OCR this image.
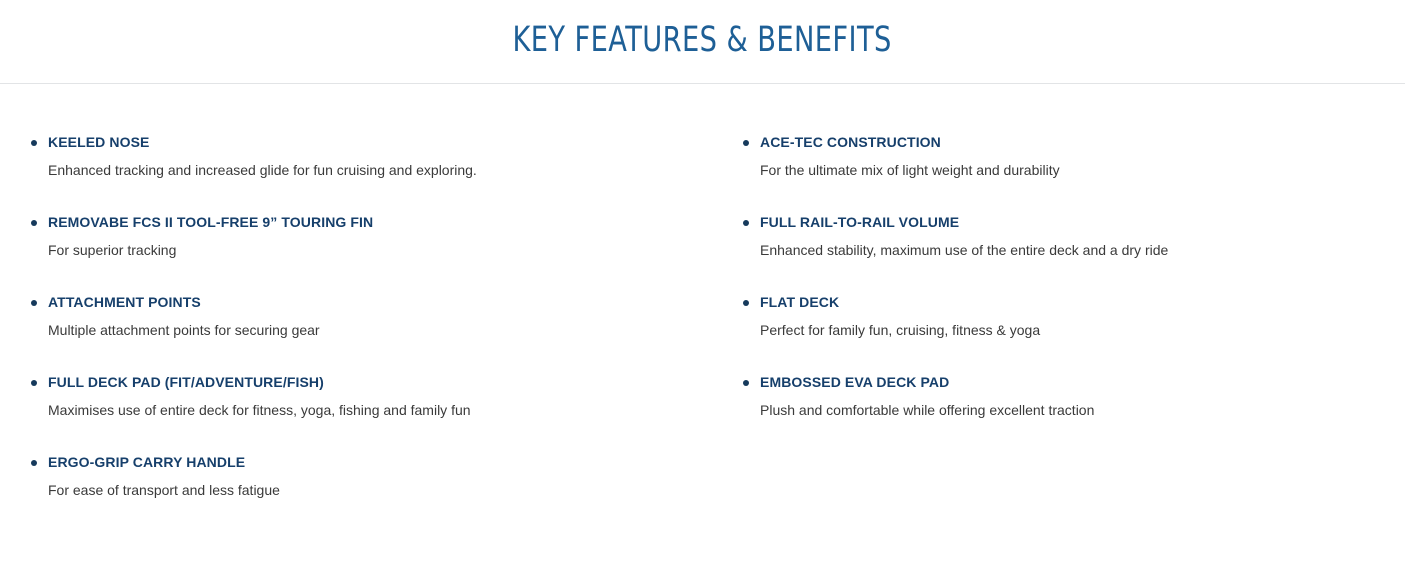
KEY FEATURES & BENEFITS
KEELED NOSE
Enhanced tracking and increased glide for fun cruising and exploring.
REMOVABE FCS II TOOL-FREE 9” TOURING FIN
For superior tracking
ATTACHMENT POINTS
Multiple attachment points for securing gear
FULL DECK PAD (FIT/ADVENTURE/FISH)
Maximises use of entire deck for fitness, yoga, fishing and family fun
ERGO-GRIP CARRY HANDLE
For ease of transport and less fatigue
ACE-TEC CONSTRUCTION
For the ultimate mix of light weight and durability
FULL RAIL-TO-RAIL VOLUME
Enhanced stability, maximum use of the entire deck and a dry ride
FLAT DECK
Perfect for family fun, cruising, fitness & yoga
EMBOSSED EVA DECK PAD
Plush and comfortable while offering excellent traction
